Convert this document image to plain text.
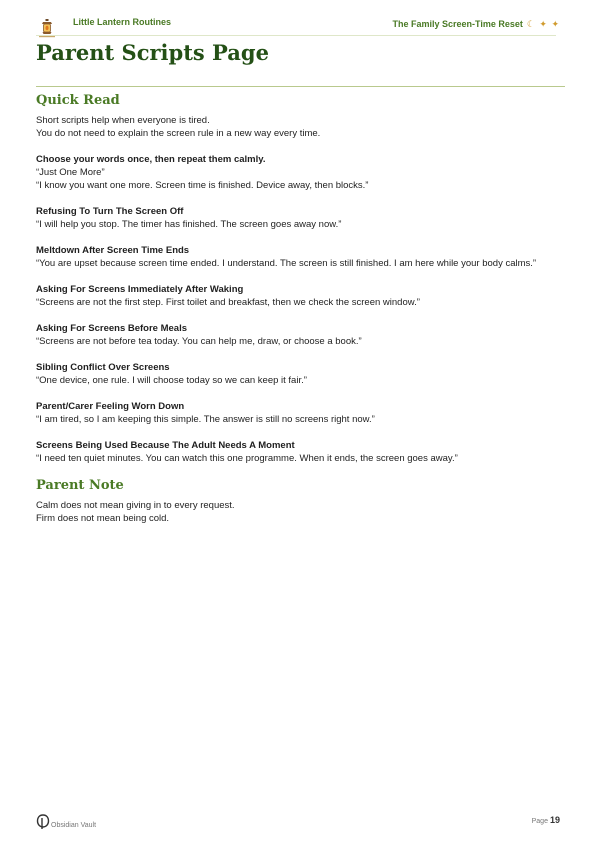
Little Lantern Routines	The Family Screen-Time Reset ☾ ✦ ✦
Parent Scripts Page
Quick Read

Short scripts help when everyone is tired.

You do not need to explain the screen rule in a new way every time.

Choose your words once, then repeat them calmly.

“Just One More”

“I know you want one more. Screen time is finished. Device away, then blocks.”

Refusing To Turn The Screen Off

“I will help you stop. The timer has finished. The screen goes away now.”

Meltdown After Screen Time Ends

“You are upset because screen time ended. I understand. The screen is still finished. I am here while your body calms.”

Asking For Screens Immediately After Waking

“Screens are not the first step. First toilet and breakfast, then we check the screen window.”

Asking For Screens Before Meals

“Screens are not before tea today. You can help me, draw, or choose a book.”

Sibling Conflict Over Screens

“One device, one rule. I will choose today so we can keep it fair.”

Parent/Carer Feeling Worn Down

“I am tired, so I am keeping this simple. The answer is still no screens right now.”

Screens Being Used Because The Adult Needs A Moment

“I need ten quiet minutes. You can watch this one programme. When it ends, the screen goes away.”

Parent Note

Calm does not mean giving in to every request.

Firm does not mean being cold.

Obsidian Vault
Page 19
